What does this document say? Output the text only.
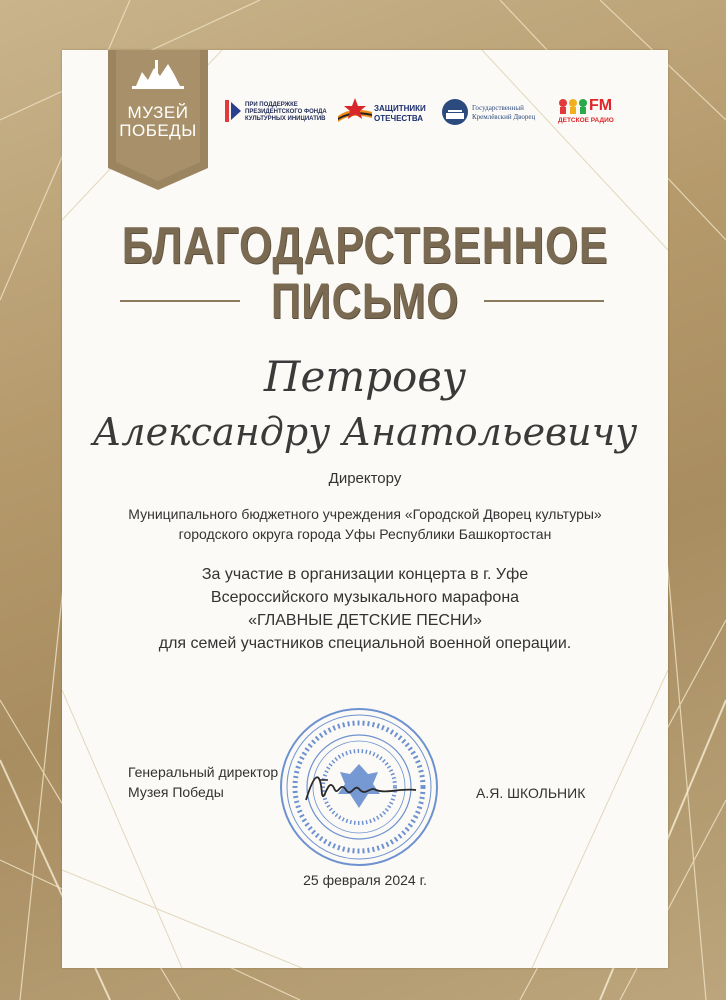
МУЗЕЙ
ПОБЕДЫ
ПРИ ПОДДЕРЖКЕ
ПРЕЗИДЕНТСКОГО ФОНДА
КУЛЬТУРНЫХ ИНИЦИАТИВ
ЗАЩИТНИКИ
ОТЕЧЕСТВА
Государственный
Кремлёвский Дворец
FM
ДЕТСКОЕ РАДИО
БЛАГОДАРСТВЕННОЕ
ПИСЬМО
Петрову
Александру Анатольевичу
Директору
Муниципального бюджетного учреждения «Городской Дворец культуры»
городского округа города Уфы Республики Башкортостан
За участие в организации концерта в г. Уфе
Всероссийского музыкального марафона
«ГЛАВНЫЕ ДЕТСКИЕ ПЕСНИ»
для семей участников специальной военной операции.
Генеральный директор
Музея Победы	А.Я. ШКОЛЬНИК
25 февраля 2024 г.
